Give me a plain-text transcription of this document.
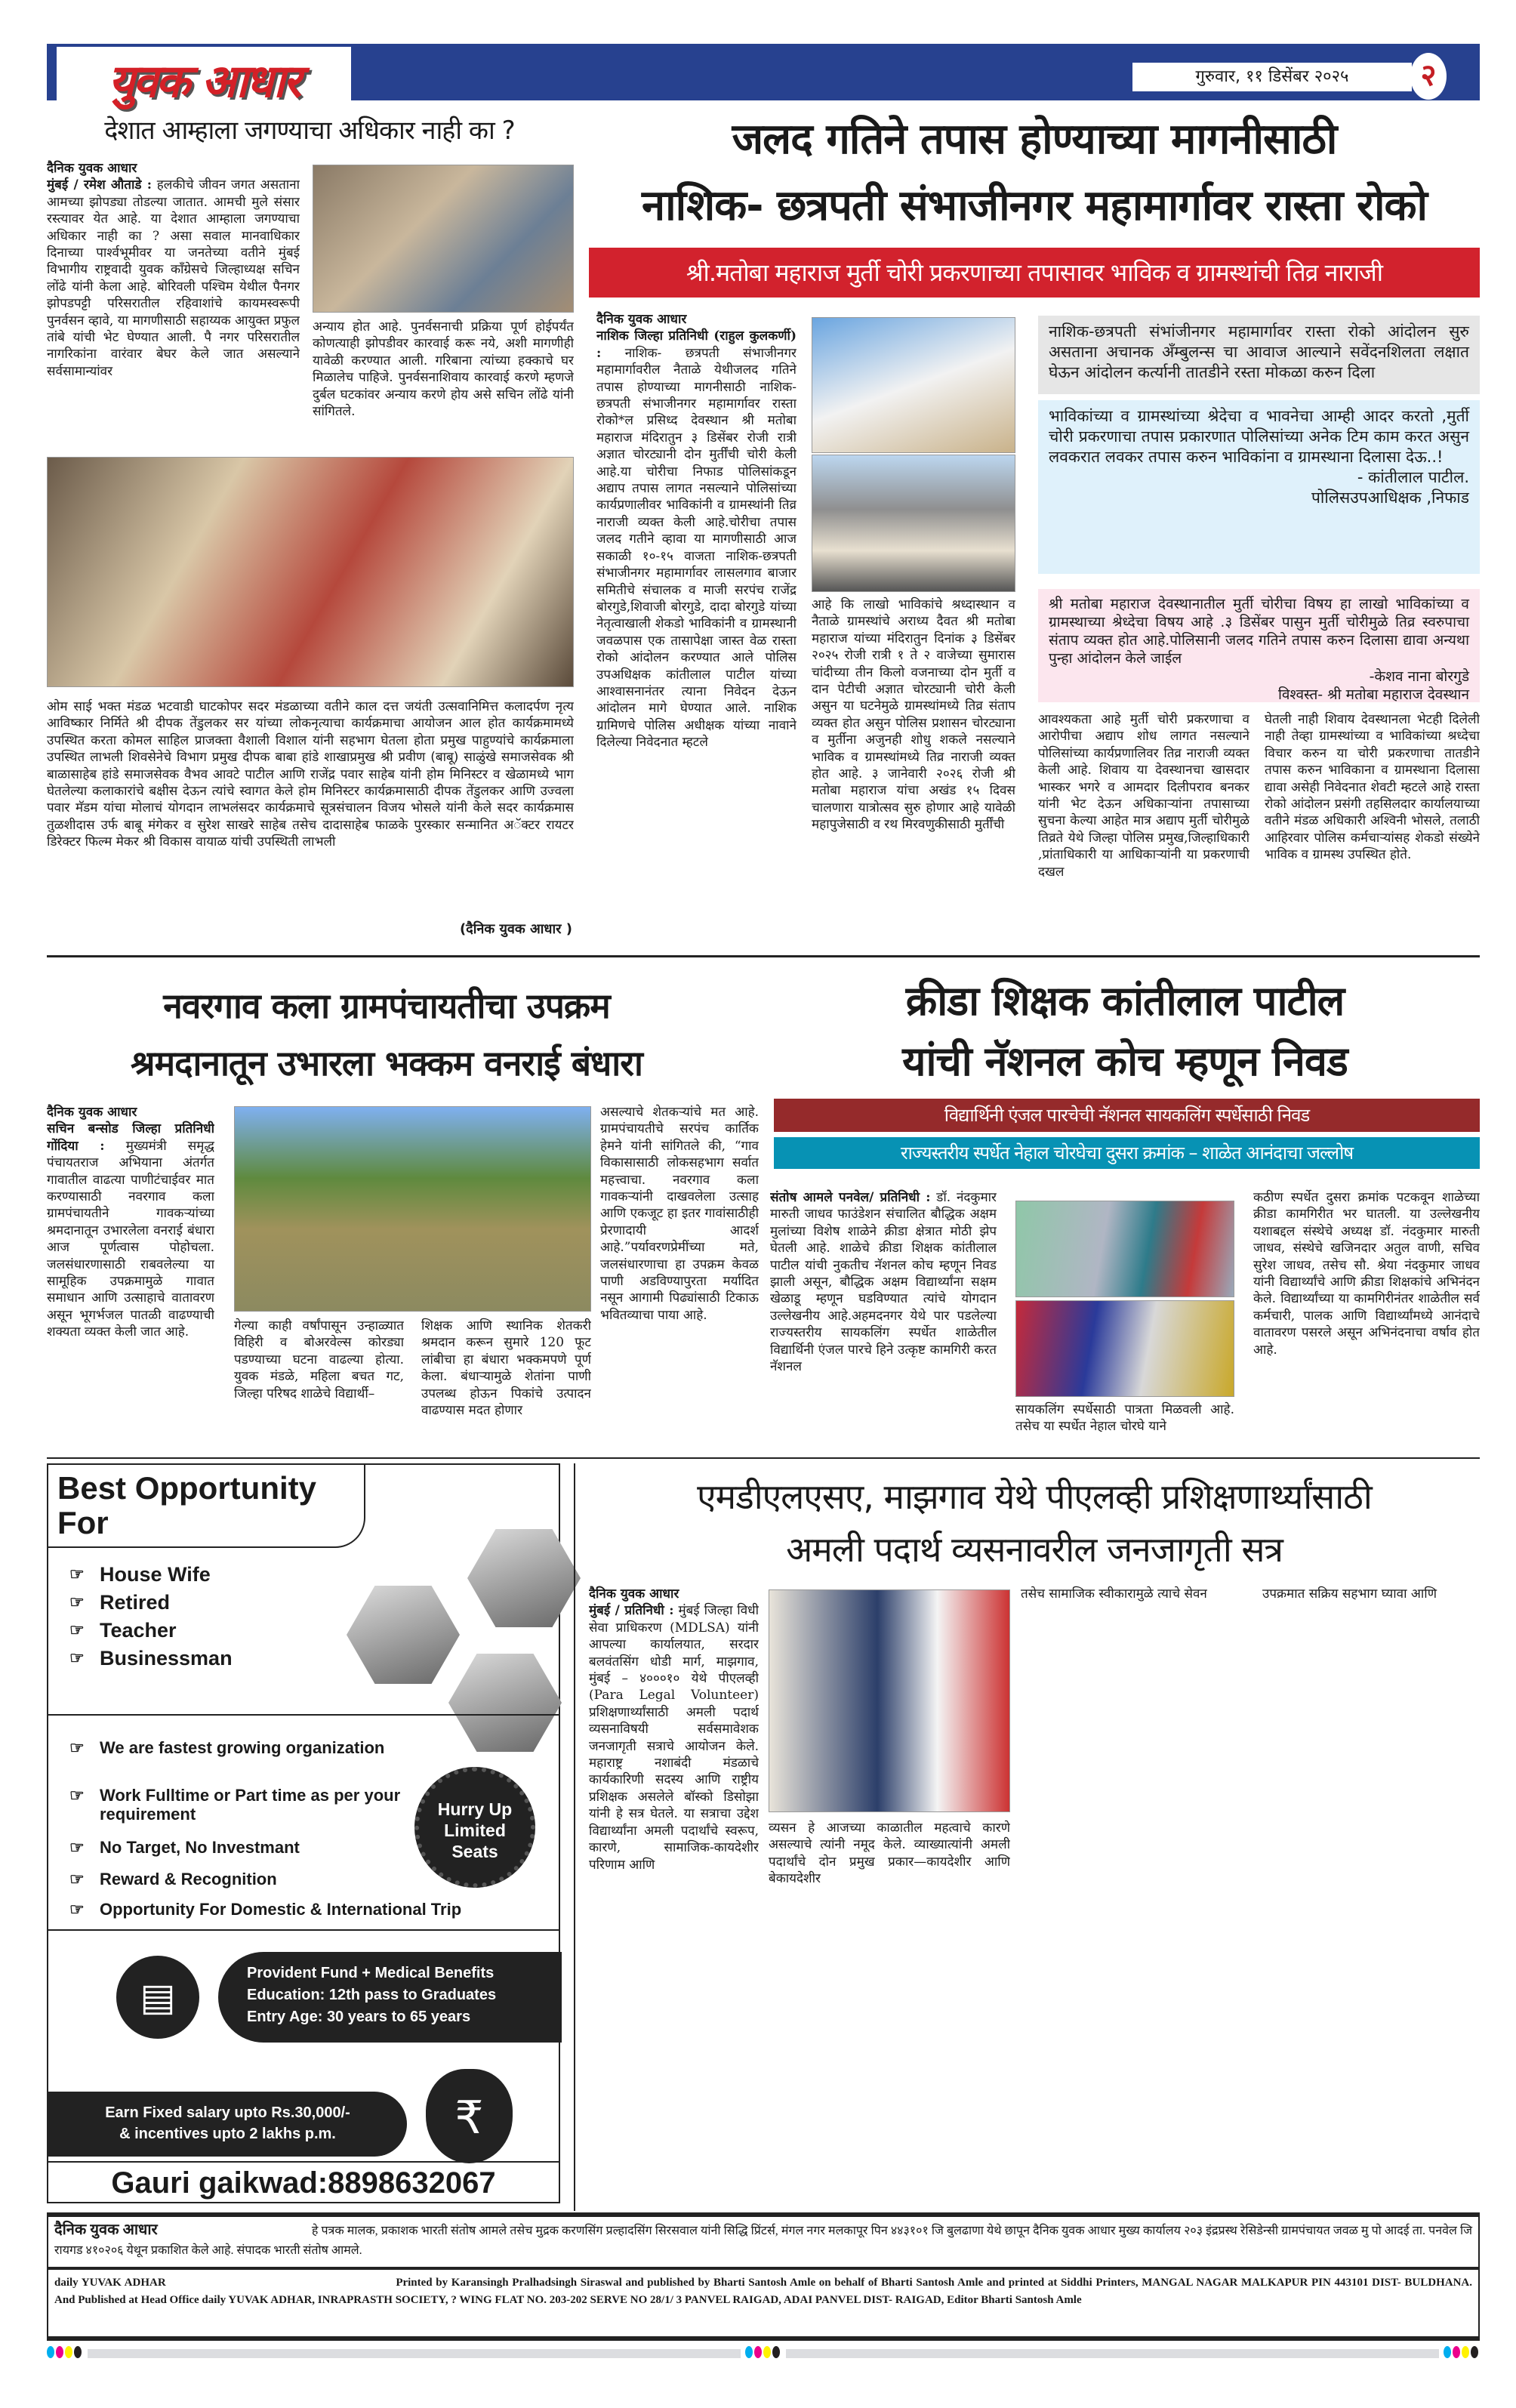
युवक आधार	गुरुवार, ११ डिसेंबर २०२५	२
देशात आम्हाला जगण्याचा अधिकार नाही का ?
दैनिक युवक आधार
मुंबई / रमेश औताडे : हलकीचे जीवन जगत असताना आमच्या झोपड्या तोडल्या जातात. आमची मुले संसार रस्त्यावर येत आहे. या देशात आम्हाला जगण्याचा अधिकार नाही का ? असा सवाल मानवाधिकार दिनाच्या पार्श्वभूमीवर या जनतेच्या वतीने मुंबई विभागीय राष्ट्रवादी युवक काँग्रेसचे जिल्हाध्यक्ष सचिन लोंढे यांनी केला आहे. बोरिवली पश्चिम येथील पैनगर झोपडपट्टी परिसरातील रहिवाशांचे कायमस्वरूपी पुनर्वसन व्हावे, या मागणीसाठी सहाय्यक आयुक्त प्रफुल तांबे यांची भेट घेण्यात आली. पै नगर परिसरातील नागरिकांना वारंवार बेघर केले जात असल्याने सर्वसामान्यांवर
अन्याय होत आहे. पुनर्वसनाची प्रक्रिया पूर्ण होईपर्यंत कोणत्याही झोपडीवर कारवाई करू नये, अशी मागणीही यावेळी करण्यात आली. गरिबाना त्यांच्या हक्काचे घर मिळालेच पाहिजे. पुनर्वसनाशिवाय कारवाई करणे म्हणजे दुर्बल घटकांवर अन्याय करणे होय असे सचिन लोंढे यांनी सांगितले.
ओम साई भक्त मंडळ भटवाडी घाटकोपर सदर मंडळाच्या वतीने काल दत्त जयंती उत्सवानिमित्त कलादर्पण नृत्य आविष्कार निर्मिते श्री दीपक तेंडुलकर सर यांच्या लोकनृत्याचा कार्यक्रमाचा आयोजन आल होत कार्यक्रमामध्ये उपस्थित करता कोमल साहिल प्राजक्ता वैशाली विशाल यांनी सहभाग घेतला होता प्रमुख पाहुण्यांचे कार्यक्रमाला उपस्थित लाभली शिवसेनेचे विभाग प्रमुख दीपक बाबा हांडे शाखाप्रमुख श्री प्रवीण (बाबू) साळुंखे समाजसेवक श्री बाळासाहेब हांडे समाजसेवक वैभव आवटे पाटील आणि राजेंद्र पवार साहेब यांनी होम मिनिस्टर व खेळामध्ये भाग घेतलेल्या कलाकारांचे बक्षीस देऊन त्यांचे स्वागत केले होम मिनिस्टर कार्यक्रमासाठी दीपक तेंडुलकर आणि उज्वला पवार मॅडम यांचा मोलाचं योगदान लाभलंसदर कार्यक्रमाचे सूत्रसंचालन विजय भोसले यांनी केले सदर कार्यक्रमास तुळशीदास उर्फ बाबू मंगेकर व सुरेश साखरे साहेब तसेच दादासाहेब फाळके पुरस्कार सन्मानित अॅक्टर रायटर डिरेक्टर फिल्म मेकर श्री विकास वायाळ यांची उपस्थिती लाभली
(दैनिक युवक आधार )
जलद गतिने तपास होण्याच्या मागनीसाठी
नाशिक- छत्रपती संभाजीनगर महामार्गावर रास्ता रोको
श्री.मतोबा महाराज मुर्ती चोरी प्रकरणाच्या तपासावर भाविक व ग्रामस्थांची तिव्र नाराजी
दैनिक युवक आधार
नाशिक जिल्हा प्रतिनिधी (राहुल कुलकर्णी) : नाशिक- छत्रपती संभाजीनगर महामार्गावरील नैताळे येथीजलद गतिने तपास होण्याच्या मागनीसाठी नाशिक- छत्रपती संभाजीनगर महामार्गावर रास्ता रोको*ल प्रसिध्द देवस्थान श्री मतोबा महाराज मंदिरातुन ३ डिसेंबर रोजी रात्री अज्ञात चोरट्यानी दोन मुर्तींची चोरी केली आहे.या चोरीचा निफाड पोलिसांकडून अद्याप तपास लागत नसल्याने पोलिसांच्या कार्यप्रणालीवर भाविकांनी व ग्रामस्थांनी तिव्र नाराजी व्यक्त केली आहे.चोरीचा तपास जलद गतीने व्हावा या मागणीसाठी आज सकाळी १०-१५ वाजता नाशिक-छत्रपती संभाजीनगर महामार्गावर लासलगाव बाजार समितीचे संचालक व माजी सरपंच राजेंद्र बोरगुडे,शिवाजी बोरगुडे, दादा बोरगुडे यांच्या नेतृत्वाखाली शेकडो भाविकांनी व ग्रामस्थानी जवळपास एक तासापेक्षा जास्त वेळ रास्ता रोको आंदोलन करण्यात आले पोलिस उपअधिक्षक कांतीलाल पाटील यांच्या आश्वासनानंतर त्याना निवेदन देऊन आंदोलन मागे घेण्यात आले. नाशिक ग्रामिणचे पोलिस अधीक्षक यांच्या नावाने दिलेल्या निवेदनात म्हटले
आहे कि लाखो भाविकांचे श्रध्दास्थान व नैताळे ग्रामस्थांचे अराध्य दैवत श्री मतोबा महाराज यांच्या मंदिरातुन दिनांक ३ डिसेंबर २०२५ रोजी रात्री १ ते २ वाजेच्या सुमारास चांदीच्या तीन किलो वजनाच्या दोन मुर्ती व दान पेटीची अज्ञात चोरट्यानी चोरी केली असुन या घटनेमुळे ग्रामस्थांमध्ये तिव्र संताप व्यक्त होत असुन पोलिस प्रशासन चोरट्याना व मुर्तीना अजुनही शोधु शकले नसल्याने भाविक व ग्रामस्थांमध्ये तिव्र नाराजी व्यक्त होत आहे. ३ जानेवारी २०२६ रोजी श्री मतोबा महाराज यांचा अखंड १५ दिवस चालणारा यात्रोत्सव सुरु होणार आहे यावेळी महापुजेसाठी व रथ मिरवणुकीसाठी मुर्तींची
नाशिक-छत्रपती संभांजीनगर महामार्गावर रास्ता रोको आंदोलन सुरु असताना अचानक अँम्बुलन्स चा आवाज आल्याने सवेंदनशिलता लक्षात घेऊन आंदोलन कर्त्यानी तातडीने रस्ता मोकळा करुन दिला
भाविकांच्या व ग्रामस्थांच्या श्रेदेचा व भावनेचा आम्ही आदर करतो ,मुर्ती चोरी प्रकरणाचा तपास प्रकारणात पोलिसांच्या अनेक टिम काम करत असुन लवकरात लवकर तपास करुन भाविकांना व ग्रामस्थाना दिलासा देऊ..!
- कांतीलाल पाटील.
पोलिसउपआधिक्षक ,निफाड
श्री मतोबा महाराज देवस्थानातील मुर्ती चोरीचा विषय हा लाखो भाविकांच्या व ग्रामस्थाच्या श्रेध्देचा विषय आहे .३ डिसेंबर पासुन मुर्ती चोरीमुळे तिव्र स्वरुपाचा संताप व्यक्त होत आहे.पोलिसानी जलद गतिने तपास करुन दिलासा द्यावा अन्यथा पुन्हा आंदोलन केले जाईल
-केशव नाना बोरगुडे
विश्वस्त- श्री मतोबा महाराज देवस्थान
आवश्यकता आहे मुर्ती चोरी प्रकरणाचा व आरोपीचा अद्याप शोध लागत नसल्याने पोलिसांच्या कार्यप्रणालिवर तिव्र नाराजी व्यक्त केली आहे. शिवाय या देवस्थानचा खासदार भास्कर भगरे व आमदार दिलीपराव बनकर यांनी भेट देऊन अधिकाऱ्यांना तपासाच्या सुचना केल्या आहेत मात्र अद्याप मुर्ती चोरीमुळे तिव्रते येथे जिल्हा पोलिस प्रमुख,जिल्हाधिकारी ,प्रांताधिकारी या आधिकाऱ्यांनी या प्रकरणाची दखल
घेतली नाही शिवाय देवस्थानला भेटही दिलेली नाही तेव्हा ग्रामस्थांच्या व भाविकांच्या श्रध्देचा विचार करुन या चोरी प्रकरणाचा तातडीने तपास करुन भाविकाना व ग्रामस्थाना दिलासा द्यावा असेही निवेदनात शेवटी म्हटले आहे रास्ता रोको आंदोलन प्रसंगी तहसिलदार कार्यालयाच्या वतीने मंडळ अधिकारी अश्विनी भोसले, तलाठी आहिरवार पोलिस कर्मचाऱ्यांसह शेकडो संख्येने भाविक व ग्रामस्थ उपस्थित होते.
नवरगाव कला ग्रामपंचायतीचा उपक्रम
श्रमदानातून उभारला भक्कम वनराई बंधारा
दैनिक युवक आधार
सचिन बन्सोड जिल्हा प्रतिनिधी गोंदिया : मुख्यमंत्री समृद्ध पंचायतराज अभियाना अंतर्गत गावातील वाढत्या पाणीटंचाईवर मात करण्यासाठी नवरगाव कला ग्रामपंचायतीने गावकऱ्यांच्या श्रमदानातून उभारलेला वनराई बंधारा आज पूर्णत्वास पोहोचला. जलसंधारणासाठी राबवलेल्या या सामूहिक उपक्रमामुळे गावात समाधान आणि उत्साहाचे वातावरण असून भूगर्भजल पातळी वाढण्याची शक्यता व्यक्त केली जात आहे.	गेल्या काही वर्षांपासून उन्हाळ्यात विहिरी व बोअरवेल्स कोरड्या पडण्याच्या घटना वाढल्या होत्या. युवक मंडळे, महिला बचत गट, जिल्हा परिषद शाळेचे विद्यार्थी–
शिक्षक आणि स्थानिक शेतकरी श्रमदान करून सुमारे 120 फूट लांबीचा हा बंधारा भक्कमपणे पूर्ण केला. बंधाऱ्यामुळे शेतांना पाणी उपलब्ध होऊन पिकांचे उत्पादन वाढण्यास मदत होणार
असल्याचे शेतकऱ्यांचे मत आहे. ग्रामपंचायतीचे सरपंच कार्तिक हेमने यांनी सांगितले की, “गाव विकासासाठी लोकसहभाग सर्वात महत्त्वाचा. नवरगाव कला गावकऱ्यांनी दाखवलेला उत्साह आणि एकजूट हा इतर गावांसाठीही प्रेरणादायी आदर्श आहे.”पर्यावरणप्रेमींच्या मते, जलसंधारणाचा हा उपक्रम केवळ पाणी अडविण्यापुरता मर्यादित नसून आगामी पिढ्यांसाठी टिकाऊ भवितव्याचा पाया आहे.
क्रीडा शिक्षक कांतीलाल पाटील
यांची नॅशनल कोच म्हणून निवड
विद्यार्थिनी एंजल पारचेची नॅशनल सायकलिंग स्पर्धेसाठी निवड
राज्यस्तरीय स्पर्धेत नेहाल चोरघेचा दुसरा क्रमांक – शाळेत आनंदाचा जल्लोष
संतोष आमले पनवेल/ प्रतिनिधी : डॉ. नंदकुमार मारुती जाधव फाउंडेशन संचालित बौद्धिक अक्षम मुलांच्या विशेष शाळेने क्रीडा क्षेत्रात मोठी झेप घेतली आहे. शाळेचे क्रीडा शिक्षक कांतीलाल पाटील यांची नुकतीच नॅशनल कोच म्हणून निवड झाली असून, बौद्धिक अक्षम विद्यार्थ्यांना सक्षम खेळाडू म्हणून घडविण्यात त्यांचे योगदान उल्लेखनीय आहे.अहमदनगर येथे पार पडलेल्या राज्यस्तरीय सायकलिंग स्पर्धेत शाळेतील विद्यार्थिनी एंजल पारचे हिने उत्कृष्ट कामगिरी करत नॅशनल
सायकलिंग स्पर्धेसाठी पात्रता मिळवली आहे. तसेच या स्पर्धेत नेहाल चोरघे याने
कठीण स्पर्धेत दुसरा क्रमांक पटकवून शाळेच्या क्रीडा कामगिरीत भर घातली. या उल्लेखनीय यशाबद्दल संस्थेचे अध्यक्ष डॉ. नंदकुमार मारुती जाधव, संस्थेचे खजिनदार अतुल वाणी, सचिव सुरेश जाधव, तसेच सौ. श्रेया नंदकुमार जाधव यांनी विद्यार्थ्यांचे आणि क्रीडा शिक्षकांचे अभिनंदन केले. विद्यार्थ्यांच्या या कामगिरीनंतर शाळेतील सर्व कर्मचारी, पालक आणि विद्यार्थ्यांमध्ये आनंदाचे वातावरण पसरले असून अभिनंदनाचा वर्षाव होत आहे.
Best Opportunity
For
☞ House Wife
☞ Retired
☞ Teacher
☞ Businessman
☞ We are fastest growing organization
☞ Work Fulltime or Part time as per your requirement
☞ No Target, No Investmant
☞ Reward & Recognition
☞ Opportunity For Domestic & International Trip
Hurry Up
Limited
Seats
▤
Provident Fund + Medical Benefits
Education: 12th pass to Graduates
Entry Age: 30 years to 65 years
Earn Fixed salary upto Rs.30,000/-
& incentives upto 2 lakhs p.m.	₹
Gauri gaikwad:8898632067
एमडीएलएसए, माझगाव येथे पीएलव्ही प्रशिक्षणार्थ्यांसाठी
अमली पदार्थ व्यसनावरील जनजागृती सत्र
दैनिक युवक आधार
मुंबई / प्रतिनिधी : मुंबई जिल्हा विधी सेवा प्राधिकरण (MDLSA) यांनी आपल्या कार्यालयात, सरदार बलवंतसिंग धोडी मार्ग, माझगाव, मुंबई – ४०००१० येथे पीएलव्ही (Para Legal Volunteer) प्रशिक्षणार्थ्यांसाठी अमली पदार्थ व्यसनाविषयी सर्वसमावेशक जनजागृती सत्राचे आयोजन केले. महाराष्ट्र नशाबंदी मंडळाचे कार्यकारिणी सदस्य आणि राष्ट्रीय प्रशिक्षक असलेले बॉस्को डिसोझा यांनी हे सत्र घेतले. या सत्राचा उद्देश विद्यार्थ्यांना अमली पदार्थांचे स्वरूप, कारणे, सामाजिक-कायदेशीर परिणाम आणि
व्यसन हे आजच्या काळातील महत्वाचे कारणे असल्याचे त्यांनी नमूद केले. व्याख्यात्यांनी अमली पदार्थांचे दोन प्रमुख प्रकार—कायदेशीर आणि बेकायदेशीर
तसेच सामाजिक स्वीकारामुळे त्याचे सेवन	उपक्रमात सक्रिय सहभाग घ्यावा आणि
दैनिक युवक आधार	हे पत्रक मालक, प्रकाशक भारती संतोष आमले तसेच मुद्रक करणसिंग प्रल्हादसिंग सिरसवाल यांनी सिद्धि प्रिंटर्स, मंगल नगर मलकापूर पिन ४४३१०१ जि बुलढाणा येथे छापून दैनिक युवक आधार मुख्य कार्यालय २०३ इंद्रप्रस्थ रेसिडेन्सी ग्रामपंचायत जवळ मु पो आदई ता. पनवेल जि रायगड ४१०२०६ येथून प्रकाशित केले आहे. संपादक भारती संतोष आमले.
daily YUVAK ADHAR	Printed by Karansingh Pralhadsingh Siraswal and published by Bharti Santosh Amle on behalf of Bharti Santosh Amle and printed at Siddhi Printers, MANGAL NAGAR MALKAPUR PIN 443101 DIST- BULDHANA. And Published at Head Office daily YUVAK ADHAR, INRAPRASTH SOCIETY, ? WING FLAT NO. 203-202 SERVE NO 28/1/ 3 PANVEL RAIGAD, ADAI PANVEL DIST- RAIGAD, Editor Bharti Santosh Amle
